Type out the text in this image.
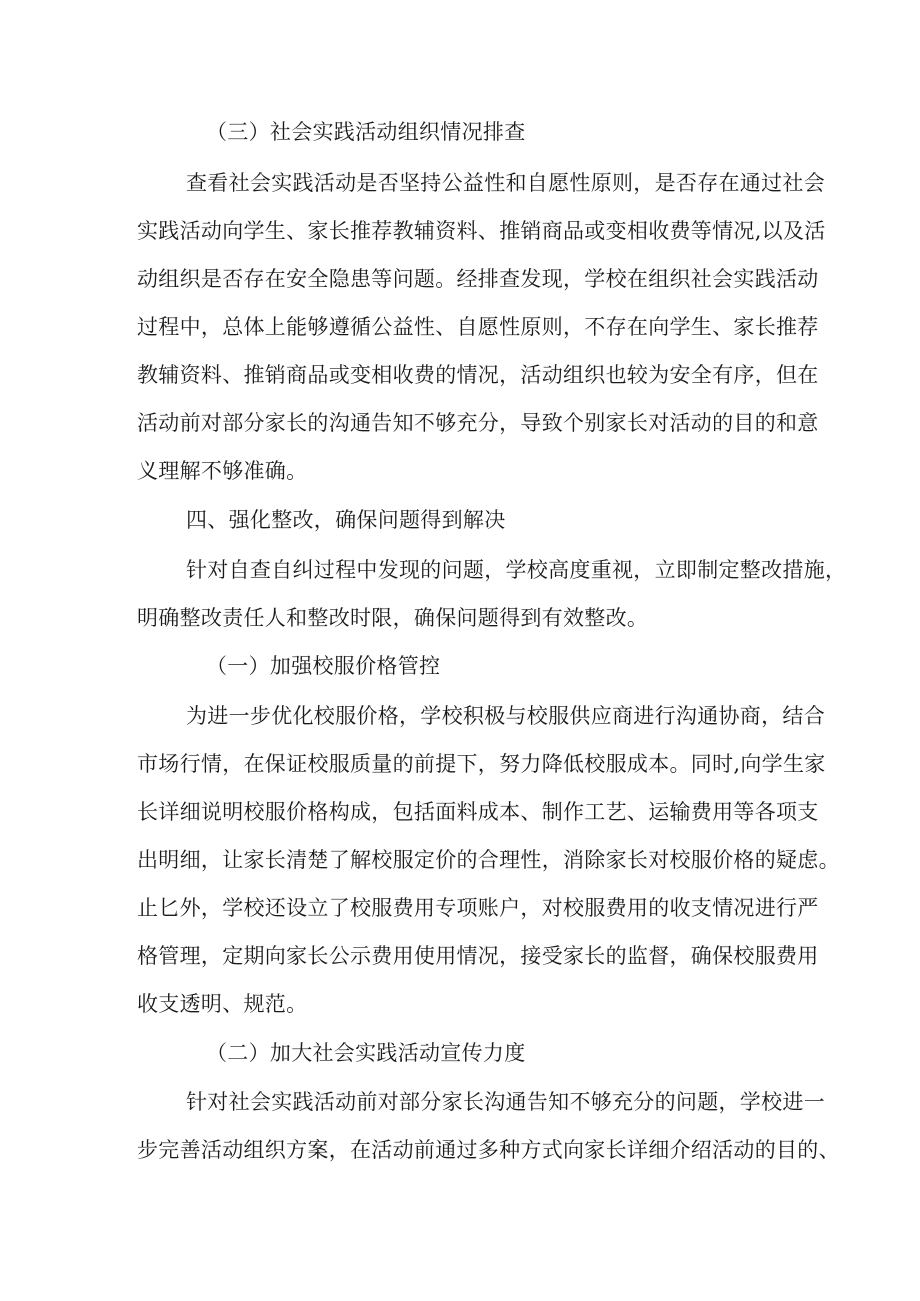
（三）社会实践活动组织情况排查
查看社会实践活动是否坚持公益性和自愿性原则，是否存在通过社会
实践活动向学生、家长推荐教辅资料、推销商品或变相收费等情况,以及活
动组织是否存在安全隐患等问题。经排查发现，学校在组织社会实践活动
过程中，总体上能够遵循公益性、自愿性原则，不存在向学生、家长推荐
教辅资料、推销商品或变相收费的情况，活动组织也较为安全有序，但在
活动前对部分家长的沟通告知不够充分，导致个别家长对活动的目的和意
义理解不够准确。
四、强化整改，确保问题得到解决
针对自查自纠过程中发现的问题，学校高度重视，立即制定整改措施，
明确整改责任人和整改时限，确保问题得到有效整改。
（一）加强校服价格管控
为进一步优化校服价格，学校积极与校服供应商进行沟通协商，结合
市场行情，在保证校服质量的前提下，努力降低校服成本。同时,向学生家
长详细说明校服价格构成，包括面料成本、制作工艺、运输费用等各项支
出明细，让家长清楚了解校服定价的合理性，消除家长对校服价格的疑虑。
止匕外，学校还设立了校服费用专项账户，对校服费用的收支情况进行严
格管理，定期向家长公示费用使用情况，接受家长的监督，确保校服费用
收支透明、规范。
（二）加大社会实践活动宣传力度
针对社会实践活动前对部分家长沟通告知不够充分的问题，学校进一
步完善活动组织方案，在活动前通过多种方式向家长详细介绍活动的目的、
